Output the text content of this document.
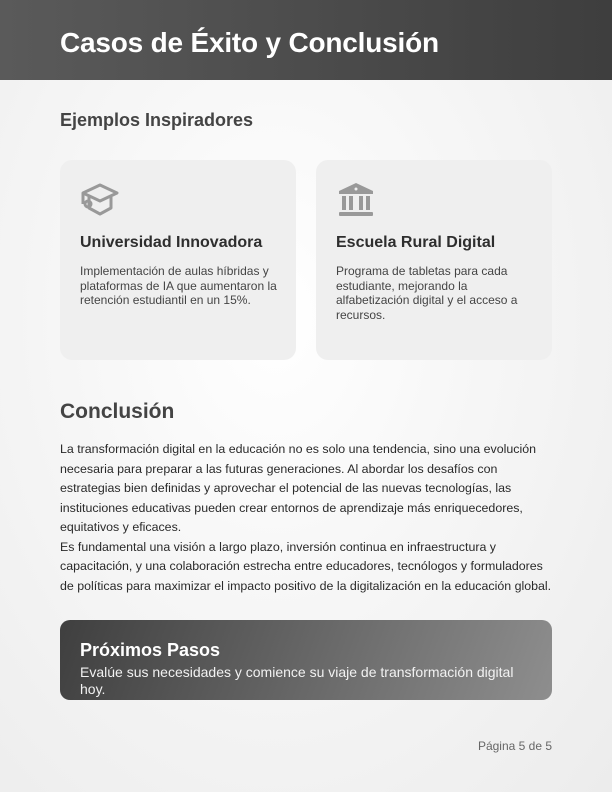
Casos de Éxito y Conclusión
Ejemplos Inspiradores
Universidad Innovadora
Implementación de aulas híbridas y plataformas de IA que aumentaron la retención estudiantil en un 15%.
Escuela Rural Digital
Programa de tabletas para cada estudiante, mejorando la alfabetización digital y el acceso a recursos.
Conclusión

La transformación digital en la educación no es solo una tendencia, sino una evolución necesaria para preparar a las futuras generaciones. Al abordar los desafíos con estrategias bien definidas y aprovechar el potencial de las nuevas tecnologías, las instituciones educativas pueden crear entornos de aprendizaje más enriquecedores, equitativos y eficaces.

Es fundamental una visión a largo plazo, inversión continua en infraestructura y capacitación, y una colaboración estrecha entre educadores, tecnólogos y formuladores de políticas para maximizar el impacto positivo de la digitalización en la educación global.

Próximos Pasos
Evalúe sus necesidades y comience su viaje de transformación digital hoy.
Página 5 de 5
